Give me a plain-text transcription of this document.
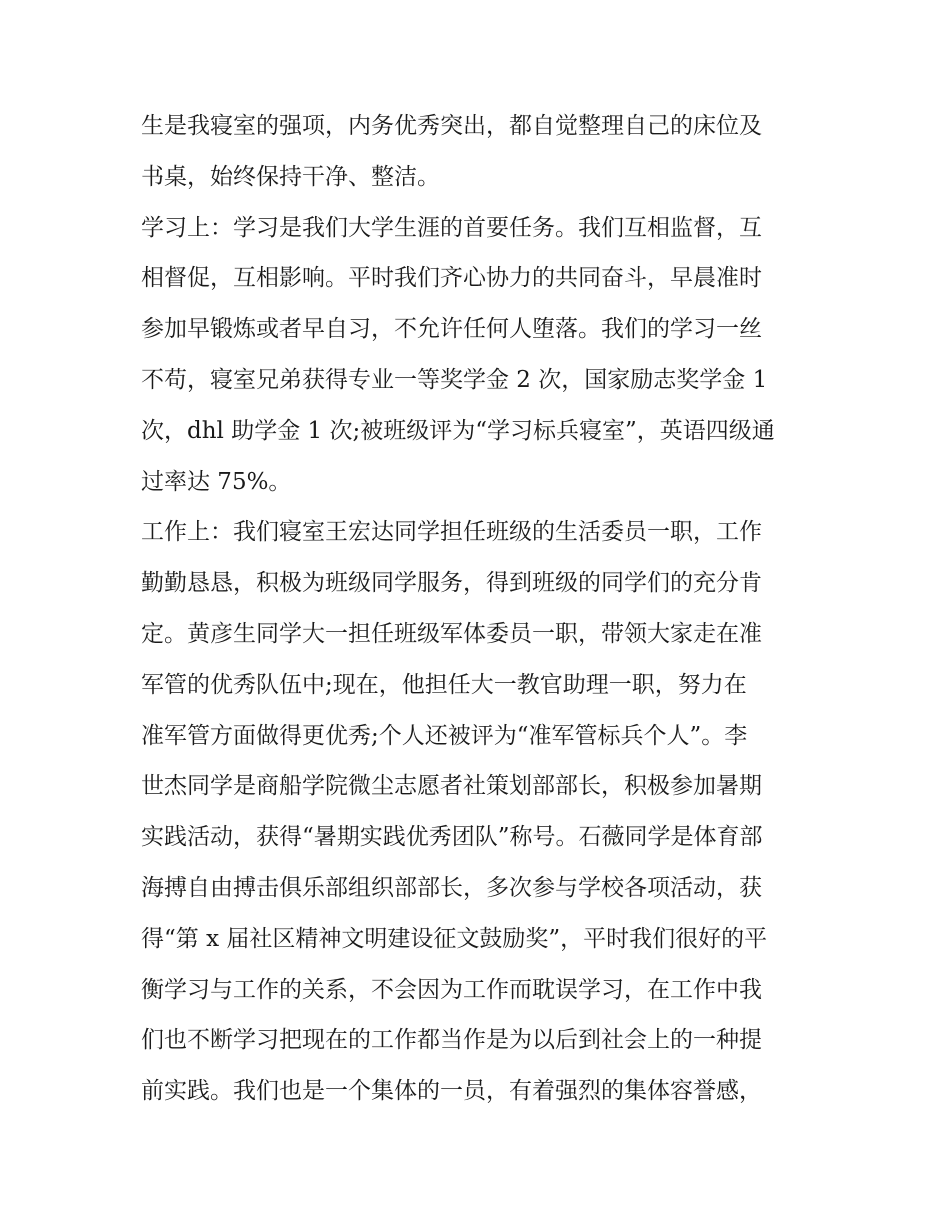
生是我寝室的强项，内务优秀突出，都自觉整理自己的床位及
书桌，始终保持干净、整洁。
学习上：学习是我们大学生涯的首要任务。我们互相监督，互
相督促，互相影响。平时我们齐心协力的共同奋斗，早晨准时
参加早锻炼或者早自习，不允许任何人堕落。我们的学习一丝
不苟，寝室兄弟获得专业一等奖学金 2 次，国家励志奖学金 1
次，dhl 助学金 1 次;被班级评为“学习标兵寝室”，英语四级通
过率达 75%。
工作上：我们寝室王宏达同学担任班级的生活委员一职，工作
勤勤恳恳，积极为班级同学服务，得到班级的同学们的充分肯
定。黄彦生同学大一担任班级军体委员一职，带领大家走在准
军管的优秀队伍中;现在，他担任大一教官助理一职，努力在
准军管方面做得更优秀;个人还被评为“准军管标兵个人”。李
世杰同学是商船学院微尘志愿者社策划部部长，积极参加暑期
实践活动，获得“暑期实践优秀团队”称号。石薇同学是体育部
海搏自由搏击俱乐部组织部部长，多次参与学校各项活动，获
得“第 x 届社区精神文明建设征文鼓励奖”，平时我们很好的平
衡学习与工作的关系，不会因为工作而耽误学习，在工作中我
们也不断学习把现在的工作都当作是为以后到社会上的一种提
前实践。我们也是一个集体的一员，有着强烈的集体容誉感，
